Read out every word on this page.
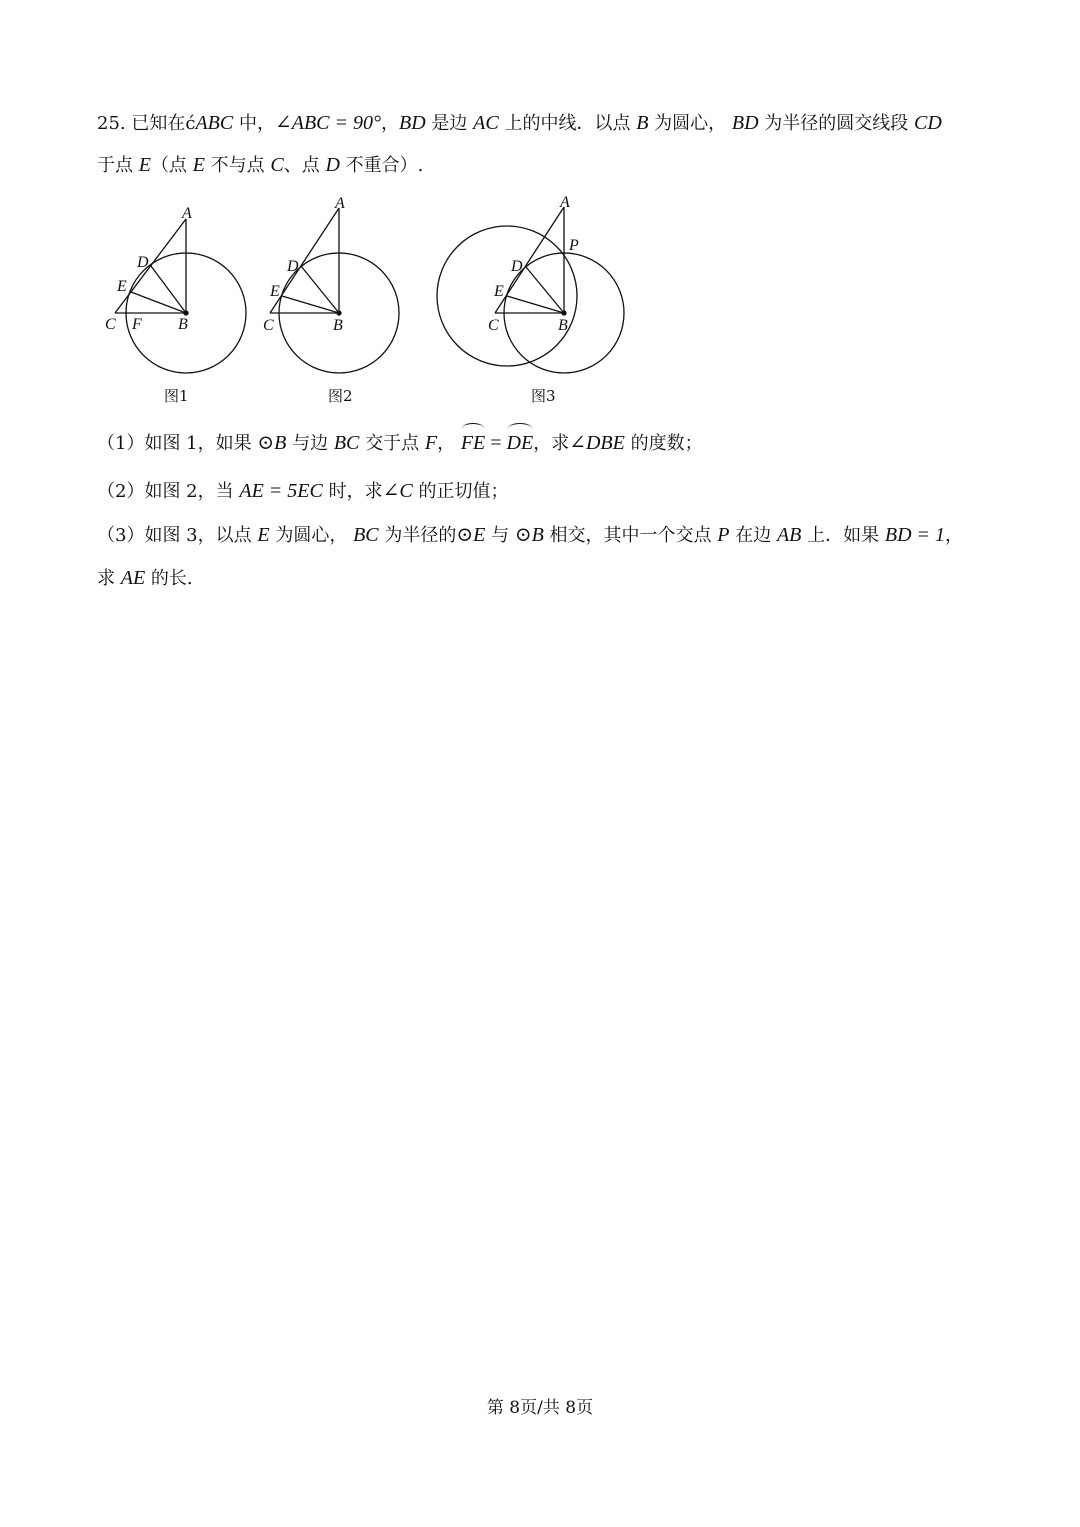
25. 已知在ćABC 中，∠ABC = 90°，BD 是边 AC 上的中线．以点 B 为圆心， BD 为半径的圆交线段 CD
于点 E（点 E 不与点 C、点 D 不重合）.
A
D
E
C F B
A
D
E
C	B
A
P
D
E
C	B
图1	图2	图3
（1）如图 1，如果 ⊙B 与边 BC 交于点 F， FE = DE，求∠DBE 的度数；
（2）如图 2，当 AE = 5EC 时，求∠C 的正切值；
（3）如图 3，以点 E 为圆心， BC 为半径的⊙E 与 ⊙B 相交，其中一个交点 P 在边 AB 上．如果 BD = 1，
求 AE 的长.
第 8页/共 8页
